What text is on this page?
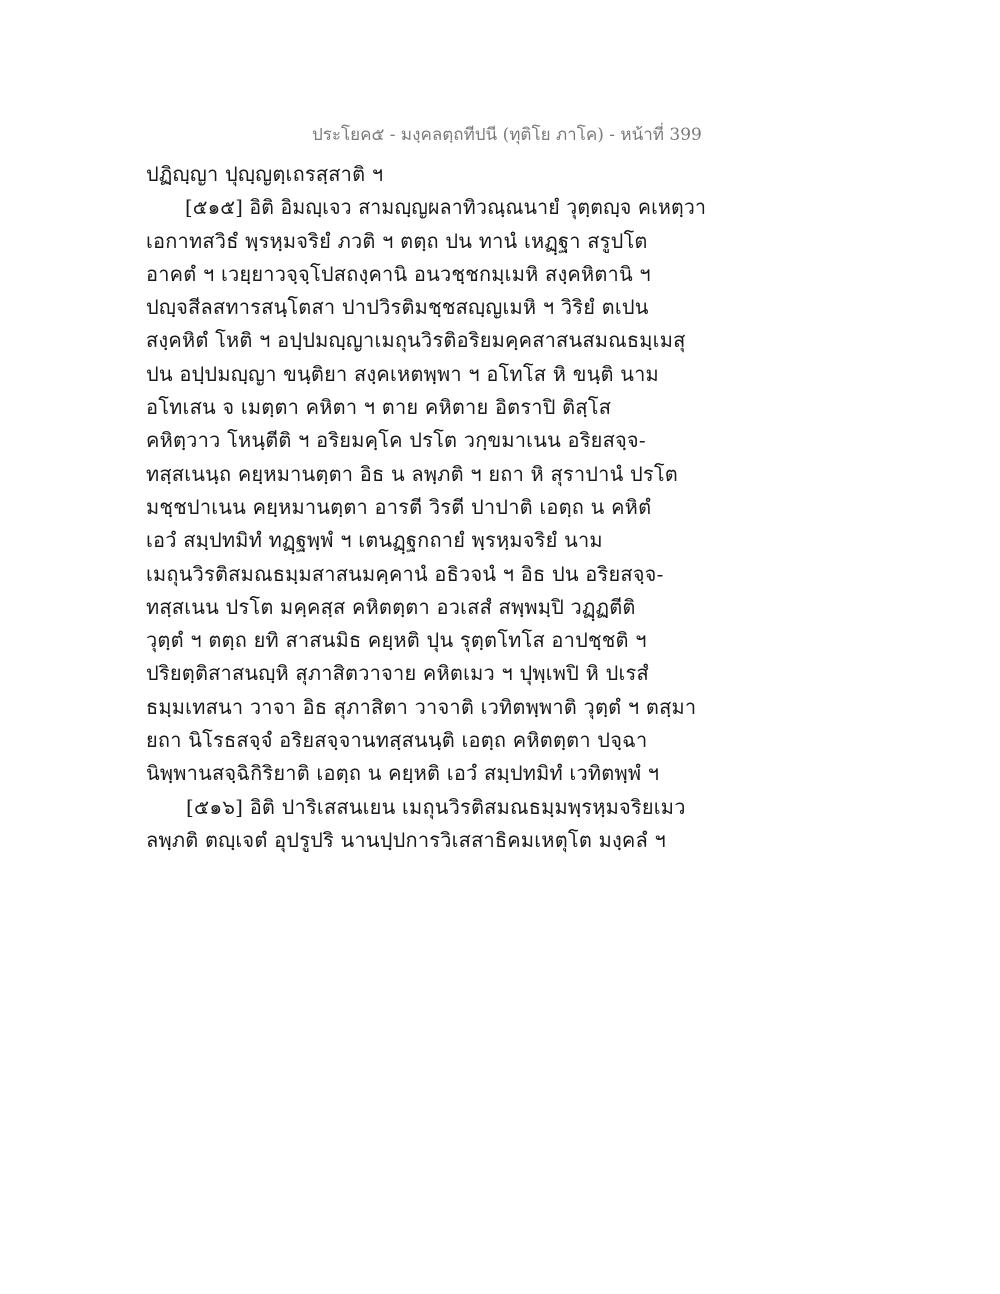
ประโยค๕ - มงฺคลตฺถทีปนี (ทุติโย ภาโค) - หน้าที่ 399
ปฏิญฺญา ปุญฺญตฺเถรสฺสาติ ฯ
[๕๑๕] อิติ อิมญฺเจว สามญฺญผลาทิวณฺณนายํ วุตฺตญฺจ คเหตฺวา
เอกาทสวิธํ พฺรหฺมจริยํ ภวติ ฯ ตตฺถ ปน ทานํ เหฏฺฐา สรูปโต
อาคตํ ฯ เวยฺยาวจฺจฺโปสถงฺคานิ อนวชฺชกมฺเมหิ สงฺคหิตานิ ฯ
ปญฺจสีลสทารสนฺโตสา ปาปวิรติมชฺชสญฺญเมหิ ฯ วิริยํ ตเปน
สงฺคหิตํ โหติ ฯ อปฺปมญฺญาเมถุนวิรติอริยมคฺคสาสนสมณธมฺเมสุ
ปน อปฺปมญฺญา ขนฺติยา สงฺคเหตพฺพา ฯ อโทโส หิ ขนฺติ นาม
อโทเสน จ เมตฺตา คหิตา ฯ ตาย คหิตาย อิตราปิ ติสฺโส
คหิตฺวาว โหนฺตีติ ฯ อริยมคฺโค ปรโต วกฺขมาเนน อริยสจฺจ-
ทสฺสเนนฺถ คยฺหมานตฺตา อิธ น ลพฺภติ ฯ ยถา หิ สุราปานํ ปรโต
มชฺชปาเนน คยฺหมานตฺตา อารตี วิรตี ปาปาติ เอตฺถ น คหิตํ
เอวํ สมฺปทมิทํ ทฏฺฐพฺพํ ฯ เตนฏฺฐกถายํ พฺรหฺมจริยํ นาม
เมถุนวิรติสมณธมฺมสาสนมคฺคานํ อธิวจนํ ฯ อิธ ปน อริยสจฺจ-
ทสฺสเนน ปรโต มคฺคสฺส คหิตตฺตา อวเสสํ สพฺพมฺปิ วฏฺฏตีติ
วุตฺตํ ฯ ตตฺถ ยทิ สาสนมิธ คยฺหติ ปุน รุตฺตโทโส อาปชฺชติ ฯ
ปริยตฺติสาสนญฺหิ สุภาสิตวาจาย คหิตเมว ฯ ปุพฺเพปิ หิ ปเรสํ
ธมฺมเทสนา วาจา อิธ สุภาสิตา วาจาติ เวทิตพฺพาติ วุตฺตํ ฯ ตสฺมา
ยถา นิโรธสจฺจํ อริยสจฺจานทสฺสนนฺติ เอตฺถ คหิตตฺตา ปจฺฉา
นิพฺพานสจฺฉิกิริยาติ เอตฺถ น คยฺหติ เอวํ สมฺปทมิทํ เวทิตพฺพํ ฯ
[๕๑๖] อิติ ปาริเสสนเยน เมถุนวิรติสมณธมฺมพฺรหฺมจริยเมว
ลพฺภติ ตญฺเจตํ อุปรูปริ นานปฺปการวิเสสาธิคมเหตุโต มงฺคลํ ฯ
